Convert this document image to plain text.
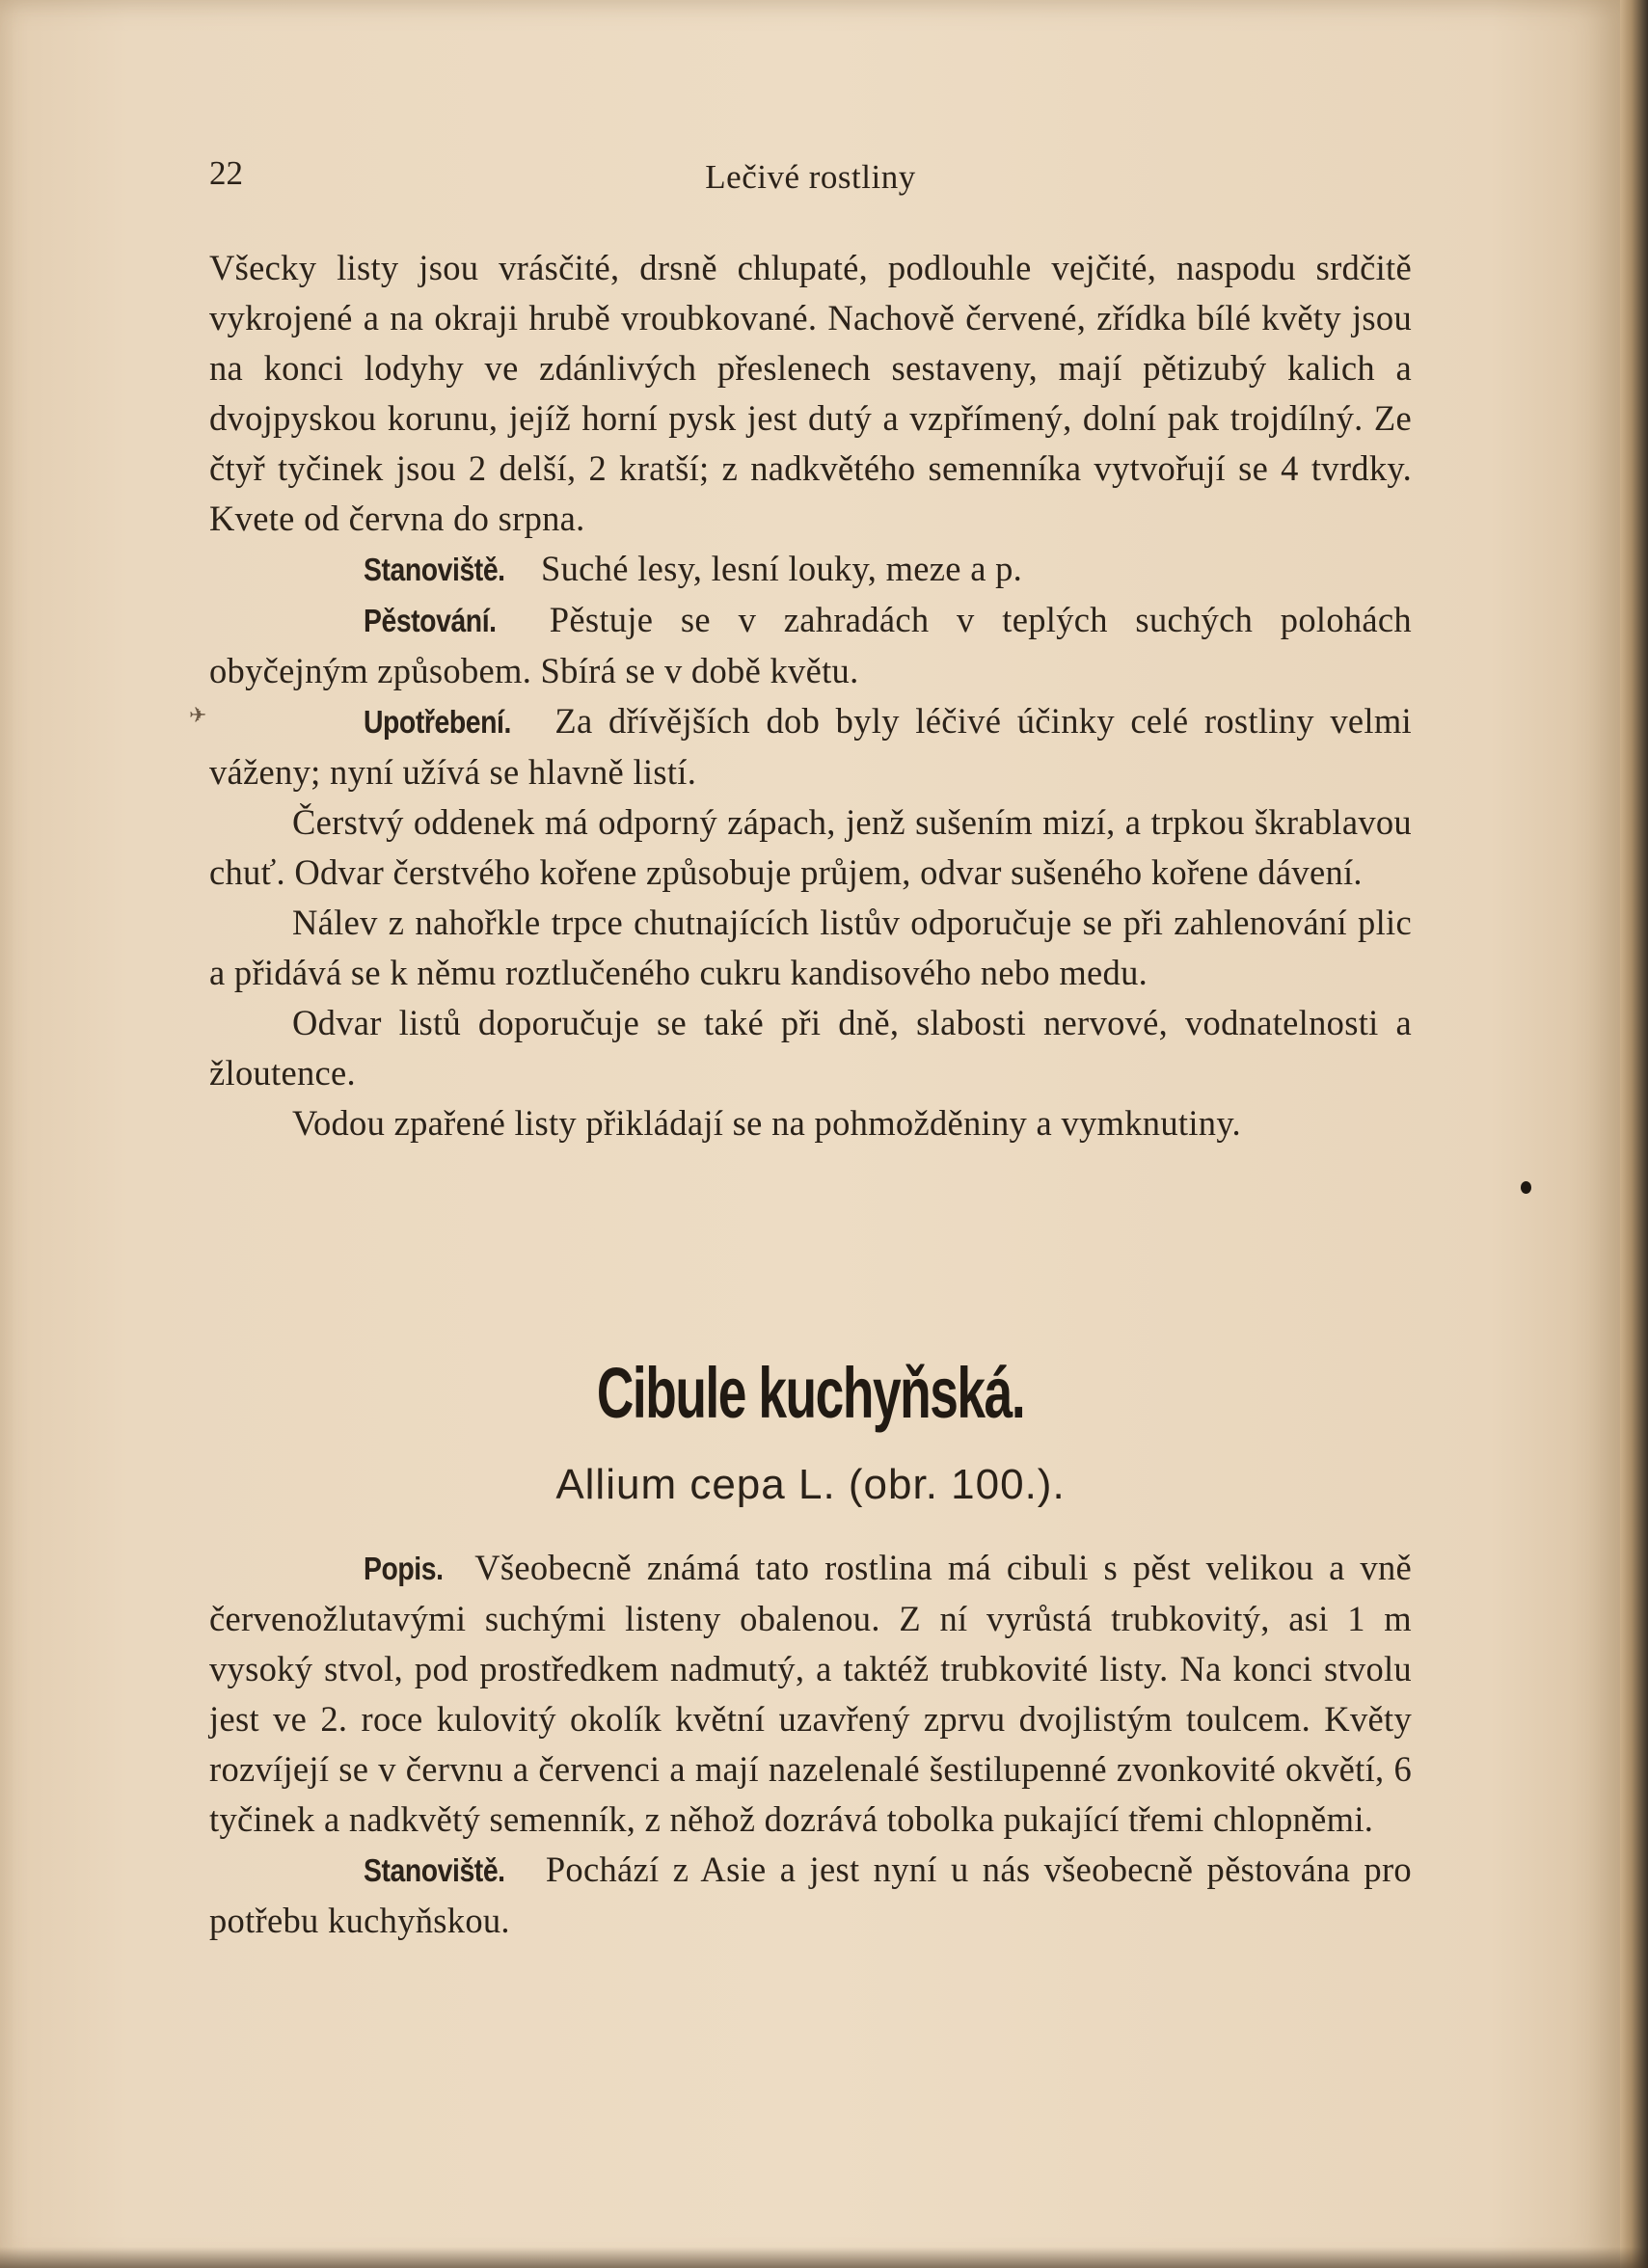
✈
22	Lečivé rostliny

Všecky listy jsou vrásčité, drsně chlupaté, podlouhle vejčité, naspodu srdčitě vykrojené a na okraji hrubě vroubkované. Nachově červené, zřídka bílé květy jsou na konci lodyhy ve zdánlivých přeslenech sestaveny, mají pětizubý kalich a dvojpyskou korunu, jejíž horní pysk jest dutý a vzpřímený, dolní pak trojdílný. Ze čtyř tyčinek jsou 2 delší, 2 kratší; z nadkvětého semenníka vytvořují se 4 tvrdky. Kvete od června do srpna.

Stanoviště. Suché lesy, lesní louky, meze a p.

Pěstování. Pěstuje se v zahradách v teplých suchých polohách obyčejným způsobem. Sbírá se v době květu.

Upotřebení. Za dřívějších dob byly léčivé účinky celé rostliny velmi váženy; nyní užívá se hlavně listí.

Čerstvý oddenek má odporný zápach, jenž sušením mizí, a trpkou škrablavou chuť. Odvar čerstvého kořene způsobuje průjem, odvar sušeného kořene dávení.

Nálev z nahořkle trpce chutnajících listův odporučuje se při zahlenování plic a přidává se k němu roztlučeného cukru kandisového nebo medu.

Odvar listů doporučuje se také při dně, slabosti nervové, vodnatelnosti a žloutence.

Vodou zpařené listy přikládají se na pohmožděniny a vymknutiny.

Cibule kuchyňská.
Allium cepa L. (obr. 100.).

Popis. Všeobecně známá tato rostlina má cibuli s pěst velikou a vně červenožlutavými suchými listeny obalenou. Z ní vyrůstá trubkovitý, asi 1 m vysoký stvol, pod prostředkem nadmutý, a taktéž trubkovité listy. Na konci stvolu jest ve 2. roce kulovitý okolík květní uzavřený zprvu dvojlistým toulcem. Květy rozvíjejí se v červnu a červenci a mají nazelenalé šestilupenné zvonkovité okvětí, 6 tyčinek a nadkvětý semenník, z něhož dozrává tobolka pukající třemi chlopněmi.

Stanoviště. Pochází z Asie a jest nyní u nás všeobecně pěstována pro potřebu kuchyňskou.
